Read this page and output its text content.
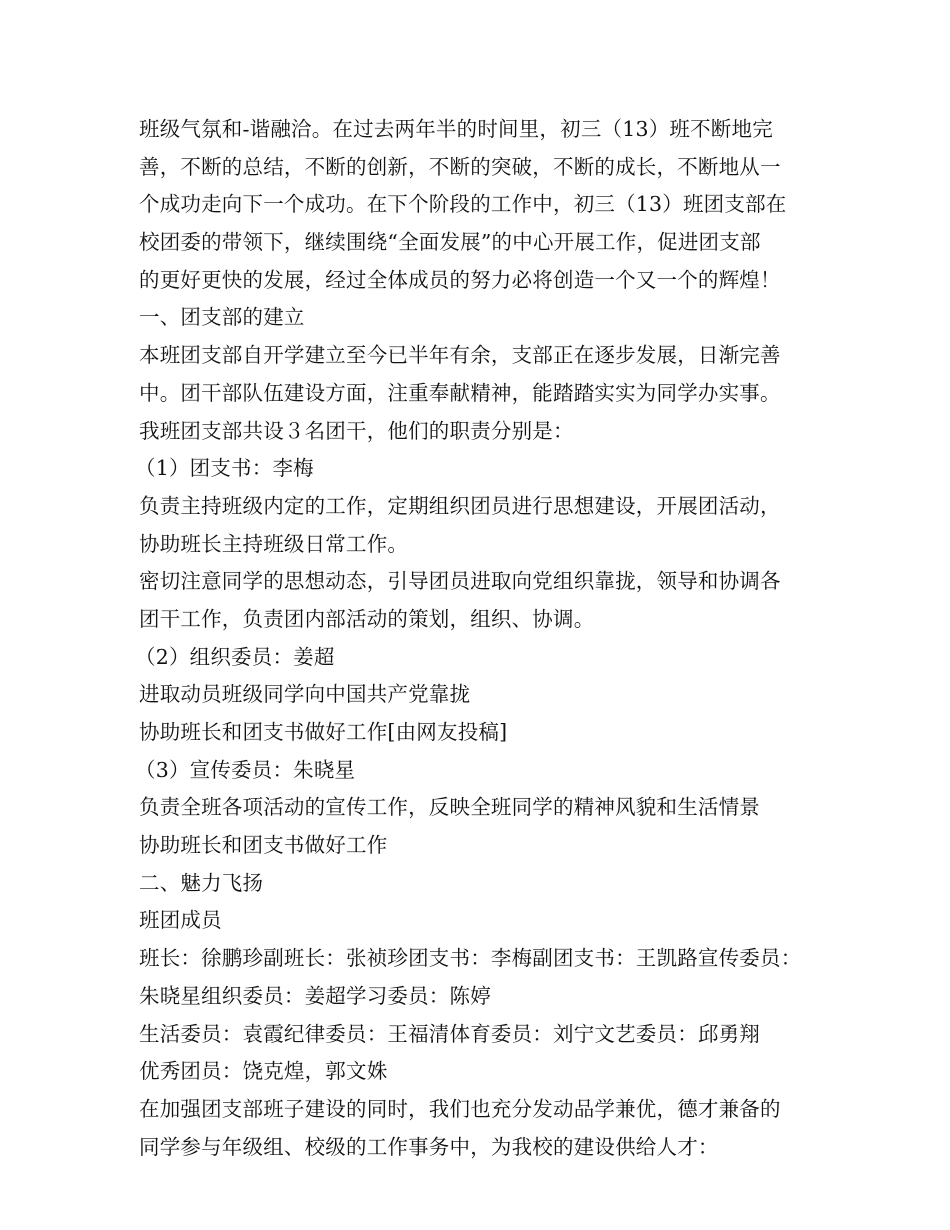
班级气氛和-谐融洽。在过去两年半的时间里，初三（13）班不断地完
善，不断的总结，不断的创新，不断的突破，不断的成长，不断地从一
个成功走向下一个成功。在下个阶段的工作中，初三（13）班团支部在
校团委的带领下，继续围绕“全面发展”的中心开展工作，促进团支部
的更好更快的发展，经过全体成员的努力必将创造一个又一个的辉煌！
一、团支部的建立
本班团支部自开学建立至今已半年有余，支部正在逐步发展，日渐完善
中。团干部队伍建设方面，注重奉献精神，能踏踏实实为同学办实事。
我班团支部共设３名团干，他们的职责分别是：
（1）团支书：李梅
负责主持班级内定的工作，定期组织团员进行思想建设，开展团活动，
协助班长主持班级日常工作。
密切注意同学的思想动态，引导团员进取向党组织靠拢，领导和协调各
团干工作，负责团内部活动的策划，组织、协调。
（2）组织委员：姜超
进取动员班级同学向中国共产党靠拢
协助班长和团支书做好工作[由网友投稿]
（3）宣传委员：朱晓星
负责全班各项活动的宣传工作，反映全班同学的精神风貌和生活情景
协助班长和团支书做好工作
二、魅力飞扬
班团成员
班长：徐鹏珍副班长：张祯珍团支书：李梅副团支书：王凯路宣传委员：
朱晓星组织委员：姜超学习委员：陈婷
生活委员：袁霞纪律委员：王福清体育委员：刘宁文艺委员：邱勇翔
优秀团员：饶克煌，郭文姝
在加强团支部班子建设的同时，我们也充分发动品学兼优，德才兼备的
同学参与年级组、校级的工作事务中，为我校的建设供给人才：
